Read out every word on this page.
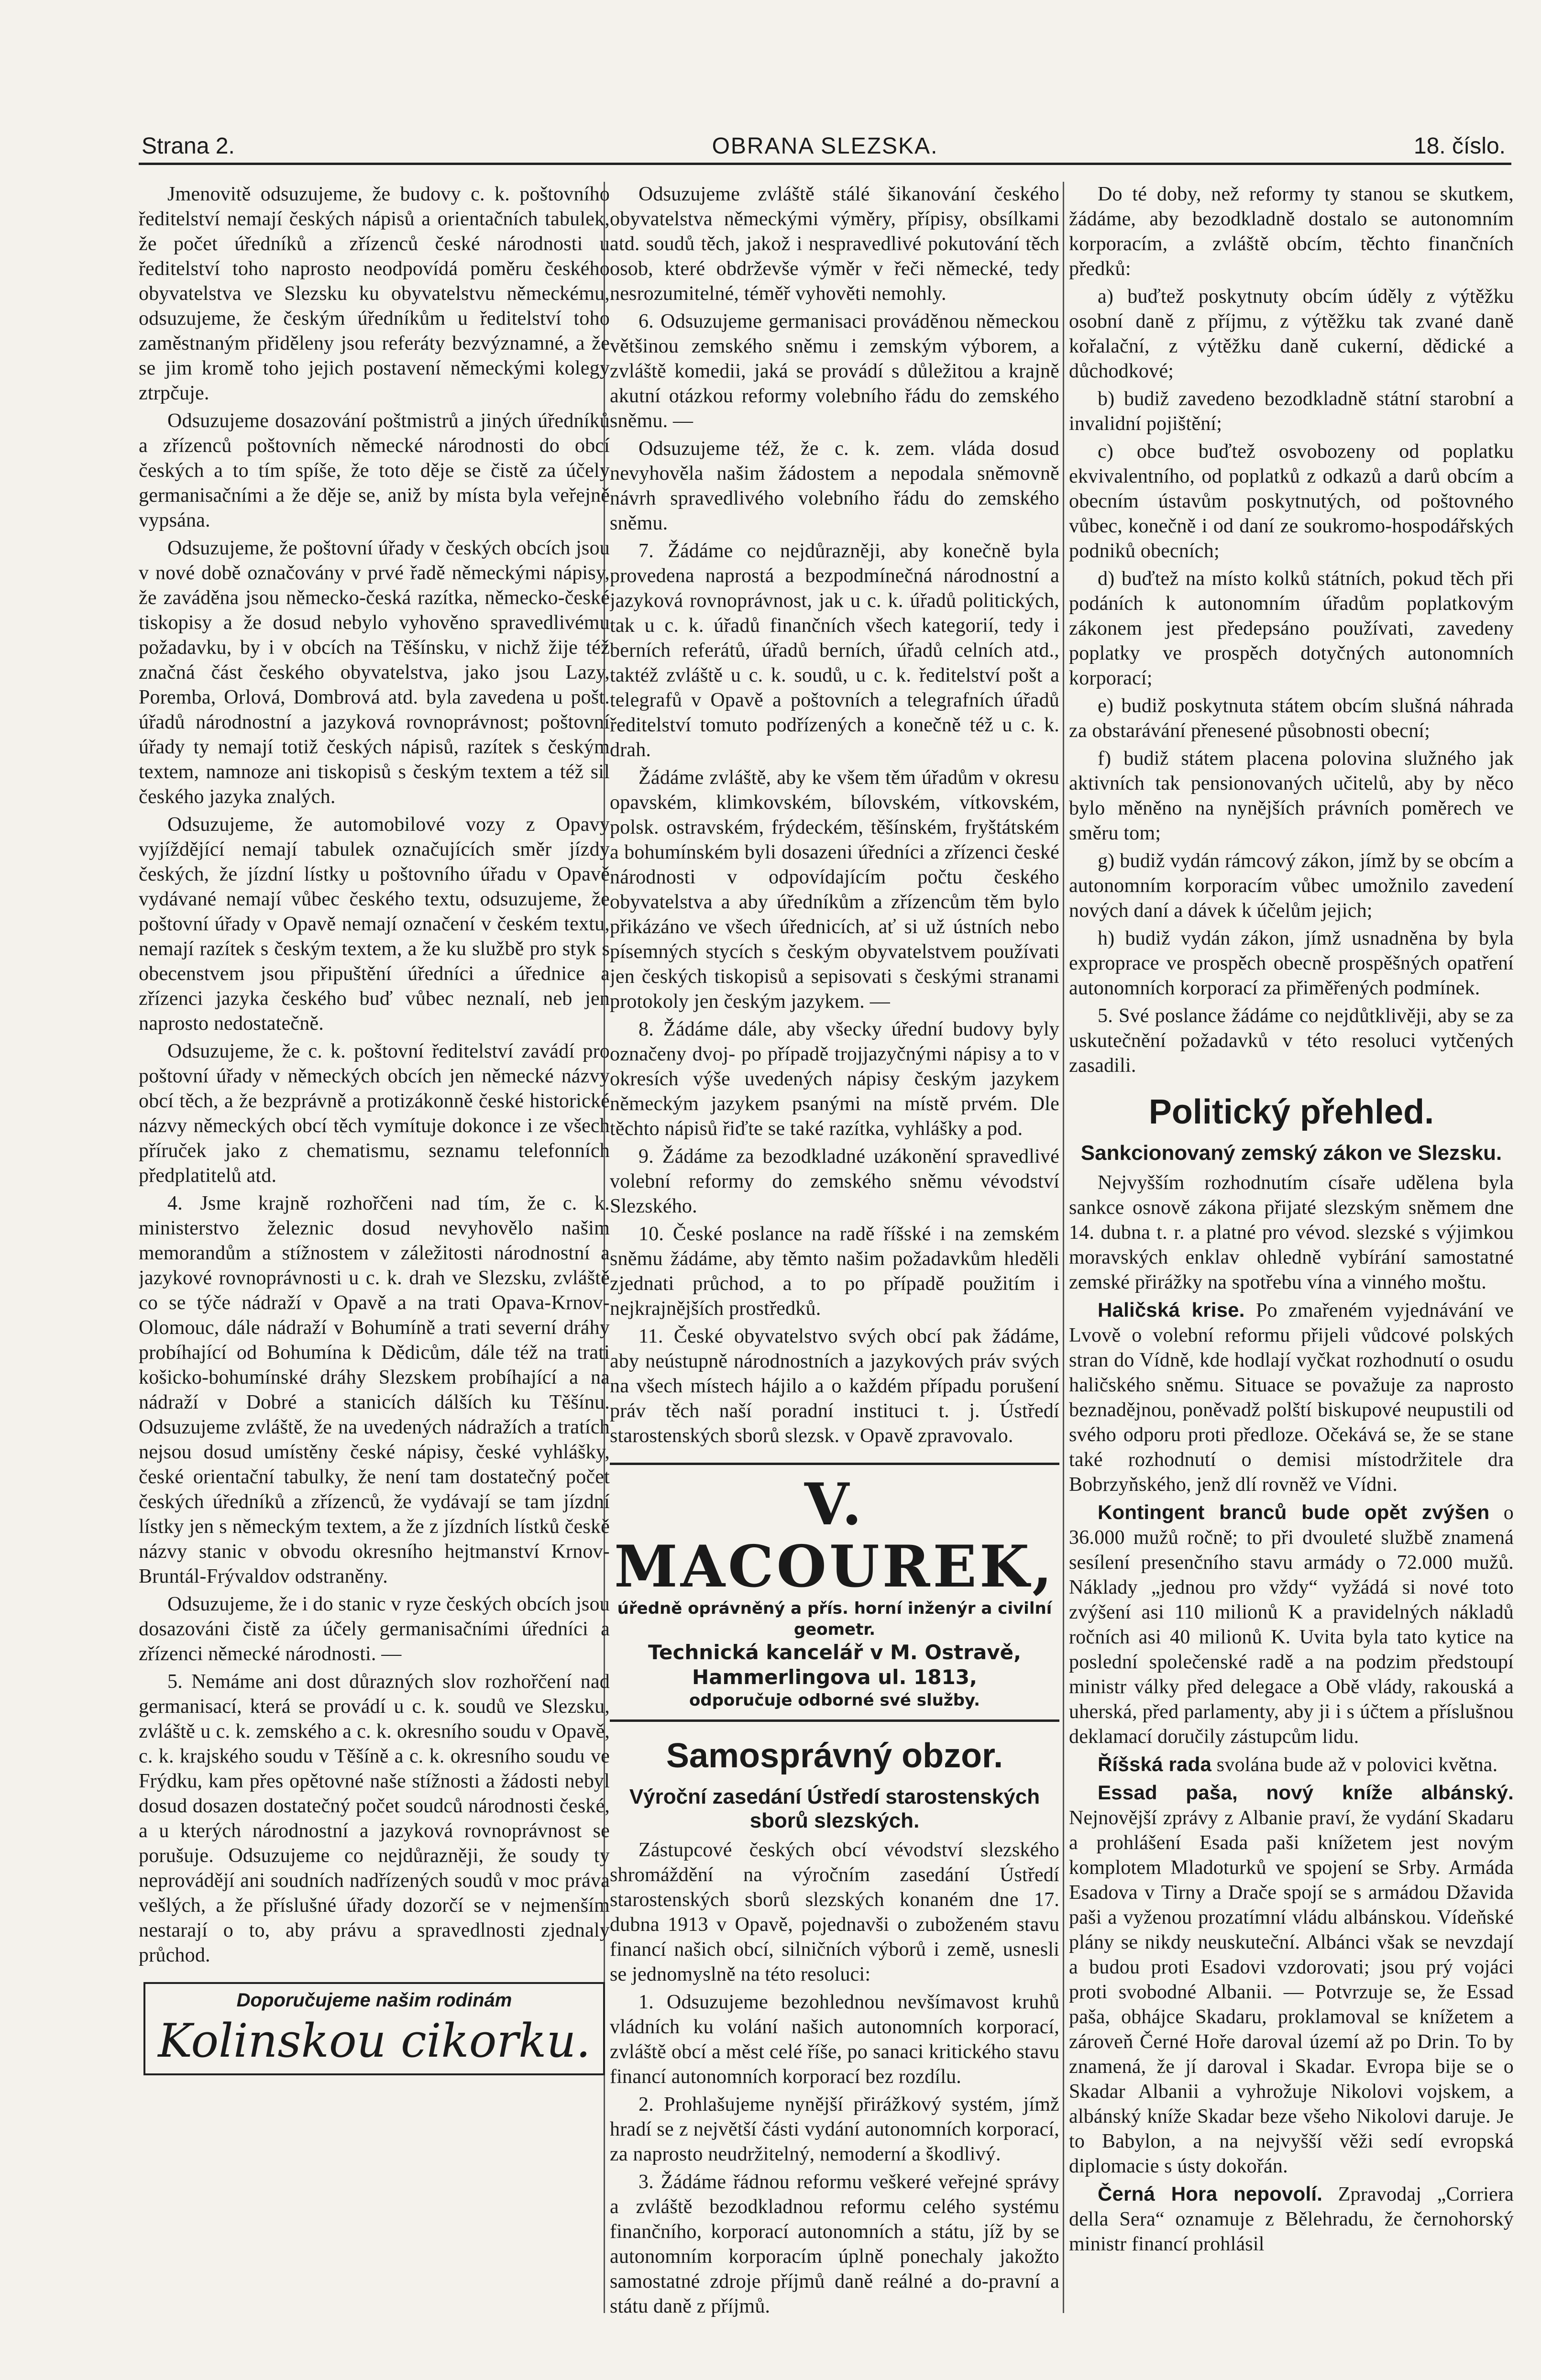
Strana 2.	OBRANA SLEZSKA.	18. číslo.

Jmenovitě odsuzujeme, že budovy c. k. poštovního ředitelství nemají českých nápisů a orientačních tabulek, že počet úředníků a zřízenců české národnosti u ředitelství toho naprosto neodpovídá poměru českého obyvatelstva ve Slezsku ku obyvatelstvu německému, odsuzujeme, že českým úředníkům u ředitelství toho zaměstnaným přiděleny jsou referáty bezvýznamné, a že se jim kromě toho jejich postavení německými kolegy ztrpčuje.

Odsuzujeme dosazování poštmistrů a jiných úředníků a zřízenců poštovních německé národnosti do obcí českých a to tím spíše, že toto děje se čistě za účely germanisačními a že děje se, aniž by místa byla veřejně vypsána.

Odsuzujeme, že poštovní úřady v českých obcích jsou v nové době označovány v prvé řadě německými nápisy, že zaváděna jsou německo-česká razítka, německo-české tiskopisy a že dosud nebylo vyhověno spravedlivému požadavku, by i v obcích na Těšínsku, v nichž žije též značná část českého obyvatelstva, jako jsou Lazy, Poremba, Orlová, Dombrová atd. byla zavedena u pošt. úřadů národnostní a jazyková rovnoprávnost; poštovní úřady ty nemají totiž českých nápisů, razítek s českým textem, namnoze ani tiskopisů s českým textem a též sil českého jazyka znalých.

Odsuzujeme, že automobilové vozy z Opavy vyjíždějící nemají tabulek označujících směr jízdy českých, že jízdní lístky u poštovního úřadu v Opavě vydávané nemají vůbec českého textu, odsuzujeme, že poštovní úřady v Opavě nemají označení v českém textu, nemají razítek s českým textem, a že ku službě pro styk s obecenstvem jsou připuštění úředníci a úřednice a zřízenci jazyka českého buď vůbec neznalí, neb jen naprosto nedostatečně.

Odsuzujeme, že c. k. poštovní ředitelství zavádí pro poštovní úřady v německých obcích jen německé názvy obcí těch, a že bezprávně a protizákonně české historické názvy německých obcí těch vymítuje dokonce i ze všech příruček jako z chematismu, seznamu telefonních předplatitelů atd.

4. Jsme krajně rozhořčeni nad tím, že c. k. ministerstvo železnic dosud nevyhovělo našim memorandům a stížnostem v záležitosti národnostní a jazykové rovnoprávnosti u c. k. drah ve Slezsku, zvláště co se týče nádraží v Opavě a na trati Opava-Krnov-Olomouc, dále nádraží v Bohumíně a trati severní dráhy probíhající od Bohumína k Dědicům, dále též na trati košicko-bohumínské dráhy Slezskem probíhající a na nádraží v Dobré a stanicích dálších ku Těšínu. Odsuzujeme zvláště, že na uvedených nádražích a tratích nejsou dosud umístěny české nápisy, české vyhlášky, české orientační tabulky, že není tam dostatečný počet českých úředníků a zřízenců, že vydávají se tam jízdní lístky jen s německým textem, a že z jízdních lístků českě názvy stanic v obvodu okresního hejtmanství Krnov-Bruntál-Frývaldov odstraněny.

Odsuzujeme, že i do stanic v ryze českých obcích jsou dosazováni čistě za účely germanisačními úředníci a zřízenci německé národnosti. —

5. Nemáme ani dost důrazných slov rozhořčení nad germanisací, která se provádí u c. k. soudů ve Slezsku, zvláště u c. k. zemského a c. k. okresního soudu v Opavě, c. k. krajského soudu v Těšíně a c. k. okresního soudu ve Frýdku, kam přes opětovné naše stížnosti a žádosti nebyl dosud dosazen dostatečný počet soudců národnosti české, a u kterých národnostní a jazyková rovnoprávnost se porušuje. Odsuzujeme co nejdůrazněji, že soudy ty neprovádějí ani soudních nadřízených soudů v moc práva vešlých, a že příslušné úřady dozorčí se v nejmenším nestarají o to, aby právu a spravedlnosti zjednaly průchod.

Doporučujeme našim rodinám
Kolinskou cikorku.

Odsuzujeme zvláště stálé šikanování českého obyvatelstva německými výměry, přípisy, obsílkami atd. soudů těch, jakož i nespravedlivé pokutování těch osob, které obdrževše výměr v řeči německé, tedy nesrozumitelné, téměř vyhověti nemohly.

6. Odsuzujeme germanisaci prováděnou německou většinou zemského sněmu i zemským výborem, a zvláště komedii, jaká se provádí s důležitou a krajně akutní otázkou reformy volebního řádu do zemského sněmu. —

Odsuzujeme též, že c. k. zem. vláda dosud nevyhověla našim žádostem a nepodala sněmovně návrh spravedlivého volebního řádu do zemského sněmu.

7. Žádáme co nejdůrazněji, aby konečně byla provedena naprostá a bezpodmínečná národnostní a jazyková rovnoprávnost, jak u c. k. úřadů politických, tak u c. k. úřadů finančních všech kategorií, tedy i berních referátů, úřadů berních, úřadů celních atd., taktéž zvláště u c. k. soudů, u c. k. ředitelství pošt a telegrafů v Opavě a poštovních a telegrafních úřadů ředitelství tomuto podřízených a konečně též u c. k. drah.

Žádáme zvláště, aby ke všem těm úřadům v okresu opavském, klimkovském, bílovském, vítkovském, polsk. ostravském, frýdeckém, těšínském, fryštátském a bohumínském byli dosazeni úředníci a zřízenci české národnosti v odpovídajícím počtu českého obyvatelstva a aby úředníkům a zřízencům těm bylo přikázáno ve všech úřednicích, ať si už ústních nebo písemných stycích s českým obyvatelstvem používati jen českých tiskopisů a sepisovati s českými stranami protokoly jen českým jazykem. —

8. Žádáme dále, aby všecky úřední budovy byly označeny dvoj- po případě trojjazyčnými nápisy a to v okresích výše uvedených nápisy českým jazykem německým jazykem psanými na místě prvém. Dle těchto nápisů řiďte se také razítka, vyhlášky a pod.

9. Žádáme za bezodkladné uzákonění spravedlivé volební reformy do zemského sněmu vévodství Slezského.

10. České poslance na radě říšské i na zemském sněmu žádáme, aby těmto našim požadavkům hleděli zjednati průchod, a to po případě použitím i nejkrajnějších prostředků.

11. České obyvatelstvo svých obcí pak žádáme, aby neústupně národnostních a jazykových práv svých na všech místech hájilo a o každém případu porušení práv těch naší poradní instituci t. j. Ústředí starostenských sborů slezsk. v Opavě zpravovalo.

V. MACOUREK,
úředně oprávněný a přís. horní inženýr a civilní geometr.
Technická kancelář v M. Ostravě, Hammerlingova ul. 1813,
odporučuje odborné své služby.
Samosprávný obzor.
Výroční zasedání Ústředí starostenských sborů slezských.

Zástupcové českých obcí vévodství slezského shromáždění na výročním zasedání Ústředí starostenských sborů slezských konaném dne 17. dubna 1913 v Opavě, pojednavši o zuboženém stavu financí našich obcí, silničních výborů i země, usnesli se jednomyslně na této resoluci:

1. Odsuzujeme bezohlednou nevšímavost kruhů vládních ku volání našich autonomních korporací, zvláště obcí a měst celé říše, po sanaci kritického stavu financí autonomních korporací bez rozdílu.

2. Prohlašujeme nynější přirážkový systém, jímž hradí se z největší části vydání autonomních korporací, za naprosto neudržitelný, nemoderní a škodlivý.

3. Žádáme řádnou reformu veškeré veřejné správy a zvláště bezodkladnou reformu celého systému finančního, korporací autonomních a státu, jíž by se autonomním korporacím úplně ponechaly jakožto samostatné zdroje příjmů daně reálné a do-pravní a státu daně z příjmů.

Do té doby, než reformy ty stanou se skutkem, žádáme, aby bezodkladně dostalo se autonomním korporacím, a zvláště obcím, těchto finančních předků:

a) buďtež poskytnuty obcím úděly z výtěžku osobní daně z příjmu, z výtěžku tak zvané daně kořalační, z výtěžku daně cukerní, dědické a důchodkové;

b) budiž zavedeno bezodkladně státní starobní a invalidní pojištění;

c) obce buďtež osvobozeny od poplatku ekvivalentního, od poplatků z odkazů a darů obcím a obecním ústavům poskytnutých, od poštovného vůbec, konečně i od daní ze soukromo-hospodářských podniků obecních;

d) buďtež na místo kolků státních, pokud těch při podáních k autonomním úřadům poplatkovým zákonem jest předepsáno používati, zavedeny poplatky ve prospěch dotyčných autonomních korporací;

e) budiž poskytnuta státem obcím slušná náhrada za obstarávání přenesené působnosti obecní;

f) budiž státem placena polovina služného jak aktivních tak pensionovaných učitelů, aby by něco bylo měněno na nynějších právních poměrech ve směru tom;

g) budiž vydán rámcový zákon, jímž by se obcím a autonomním korporacím vůbec umožnilo zavedení nových daní a dávek k účelům jejich;

h) budiž vydán zákon, jímž usnadněna by byla exproprace ve prospěch obecně prospěšných opatření autonomních korporací za přiměřených podmínek.

5. Své poslance žádáme co nejdůtklivěji, aby se za uskutečnění požadavků v této resoluci vytčených zasadili.

Politický přehled.
Sankcionovaný zemský zákon ve Slezsku.

Nejvyšším rozhodnutím císaře udělena byla sankce osnově zákona přijaté slezským sněmem dne 14. dubna t. r. a platné pro vévod. slezské s výjimkou moravských enklav ohledně vybírání samostatné zemské přirážky na spotřebu vína a vinného moštu.

Haličská krise. Po zmařeném vyjednávání ve Lvově o volební reformu přijeli vůdcové polských stran do Vídně, kde hodlají vyčkat rozhodnutí o osudu haličského sněmu. Situace se považuje za naprosto beznadějnou, poněvadž polští biskupové neupustili od svého odporu proti předloze. Očekává se, že se stane také rozhodnutí o demisi místodržitele dra Bobrzyňského, jenž dlí rovněž ve Vídni.

Kontingent branců bude opět zvýšen o 36.000 mužů ročně; to při dvouleté službě znamená sesílení presenčního stavu armády o 72.000 mužů. Náklady „jednou pro vždy“ vyžádá si nové toto zvýšení asi 110 milionů K a pravidelných nákladů ročních asi 40 milionů K. Uvita byla tato kytice na poslední společenské radě a na podzim předstoupí ministr války před delegace a Obě vlády, rakouská a uherská, před parlamenty, aby ji i s účtem a příslušnou deklamací doručily zástupcům lidu.

Říšská rada svolána bude až v polovici května.

Essad paša, nový kníže albánský. Nejnovější zprávy z Albanie praví, že vydání Skadaru a prohlášení Esada paši knížetem jest novým komplotem Mladoturků ve spojení se Srby. Armáda Esadova v Tirny a Drače spojí se s armádou Džavida paši a vyženou prozatímní vládu albánskou. Vídeňské plány se nikdy neuskuteční. Albánci však se nevzdají a budou proti Esadovi vzdorovati; jsou prý vojáci proti svobodné Albanii. — Potvrzuje se, že Essad paša, obhájce Skadaru, proklamoval se knížetem a zároveň Černé Hoře daroval území až po Drin. To by znamená, že jí daroval i Skadar. Evropa bije se o Skadar Albanii a vyhrožuje Nikolovi vojskem, a albánský kníže Skadar beze všeho Nikolovi daruje. Je to Babylon, a na nejvyšší věži sedí evropská diplomacie s ústy dokořán.

Černá Hora nepovolí. Zpravodaj „Corriera della Sera“ oznamuje z Bělehradu, že černohorský ministr financí prohlásil
